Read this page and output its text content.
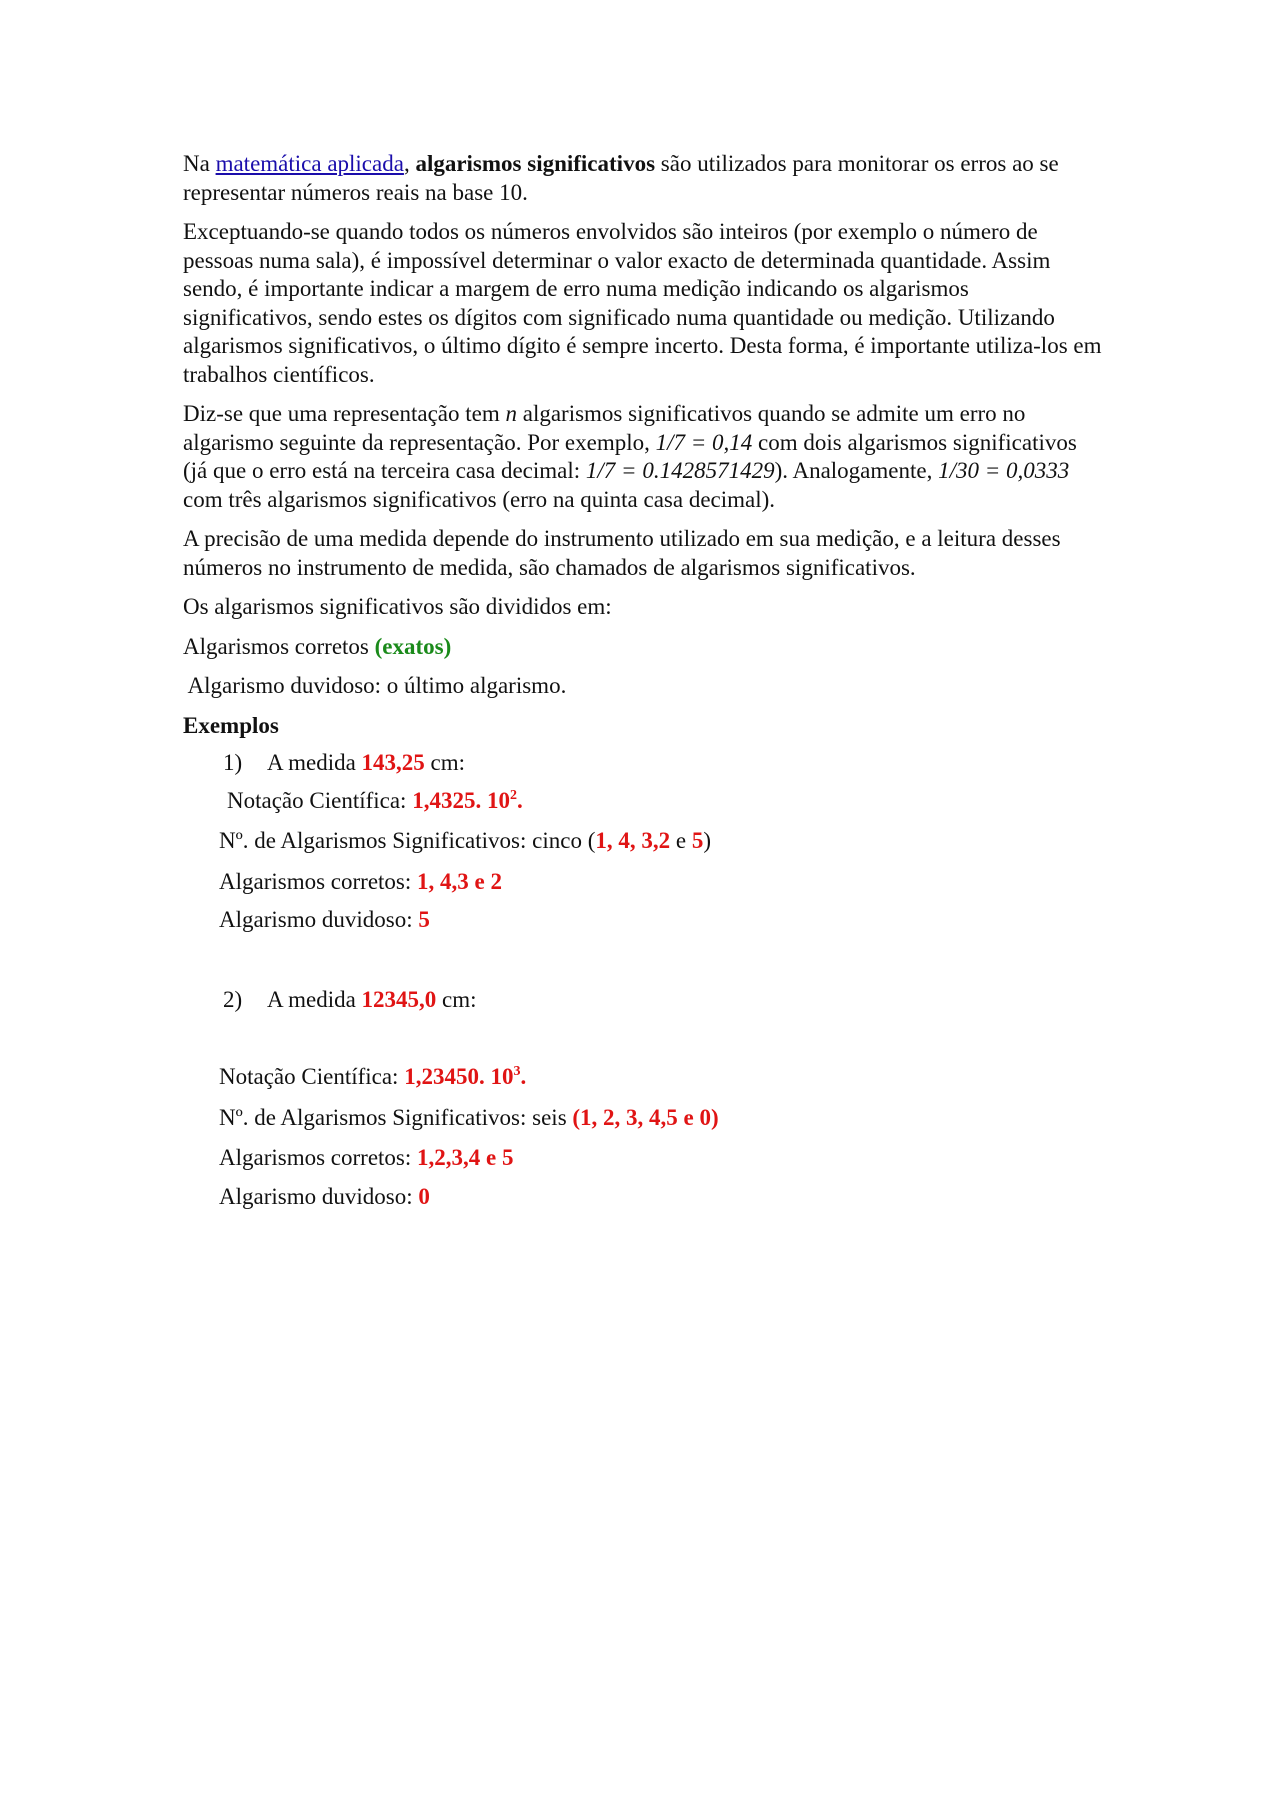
Na matemática aplicada, algarismos significativos são utilizados para monitorar os erros ao se representar números reais na base 10.

Exceptuando-se quando todos os números envolvidos são inteiros (por exemplo o número de pessoas numa sala), é impossível determinar o valor exacto de determinada quantidade. Assim sendo, é importante indicar a margem de erro numa medição indicando os algarismos significativos, sendo estes os dígitos com significado numa quantidade ou medição. Utilizando algarismos significativos, o último dígito é sempre incerto. Desta forma, é importante utiliza-los em trabalhos científicos.

Diz-se que uma representação tem n algarismos significativos quando se admite um erro no algarismo seguinte da representação. Por exemplo, 1/7 = 0,14 com dois algarismos significativos (já que o erro está na terceira casa decimal: 1/7 = 0.1428571429). Analogamente, 1/30 = 0,0333 com três algarismos significativos (erro na quinta casa decimal).

A precisão de uma medida depende do instrumento utilizado em sua medição, e a leitura desses números no instrumento de medida, são chamados de algarismos significativos.

Os algarismos significativos são divididos em:

Algarismos corretos (exatos)

Algarismo duvidoso: o último algarismo.

Exemplos

1) A medida 143,25 cm:

Notação Científica: 1,4325. $10^2$.

Nº. de Algarismos Significativos: cinco (1, 4, 3,2 e 5)

Algarismos corretos: 1, 4,3 e 2

Algarismo duvidoso: 5

2) A medida 12345,0 cm:

Notação Científica: 1,23450. $10^3$.

Nº. de Algarismos Significativos: seis (1, 2, 3, 4,5 e 0)

Algarismos corretos: 1,2,3,4 e 5

Algarismo duvidoso: 0
